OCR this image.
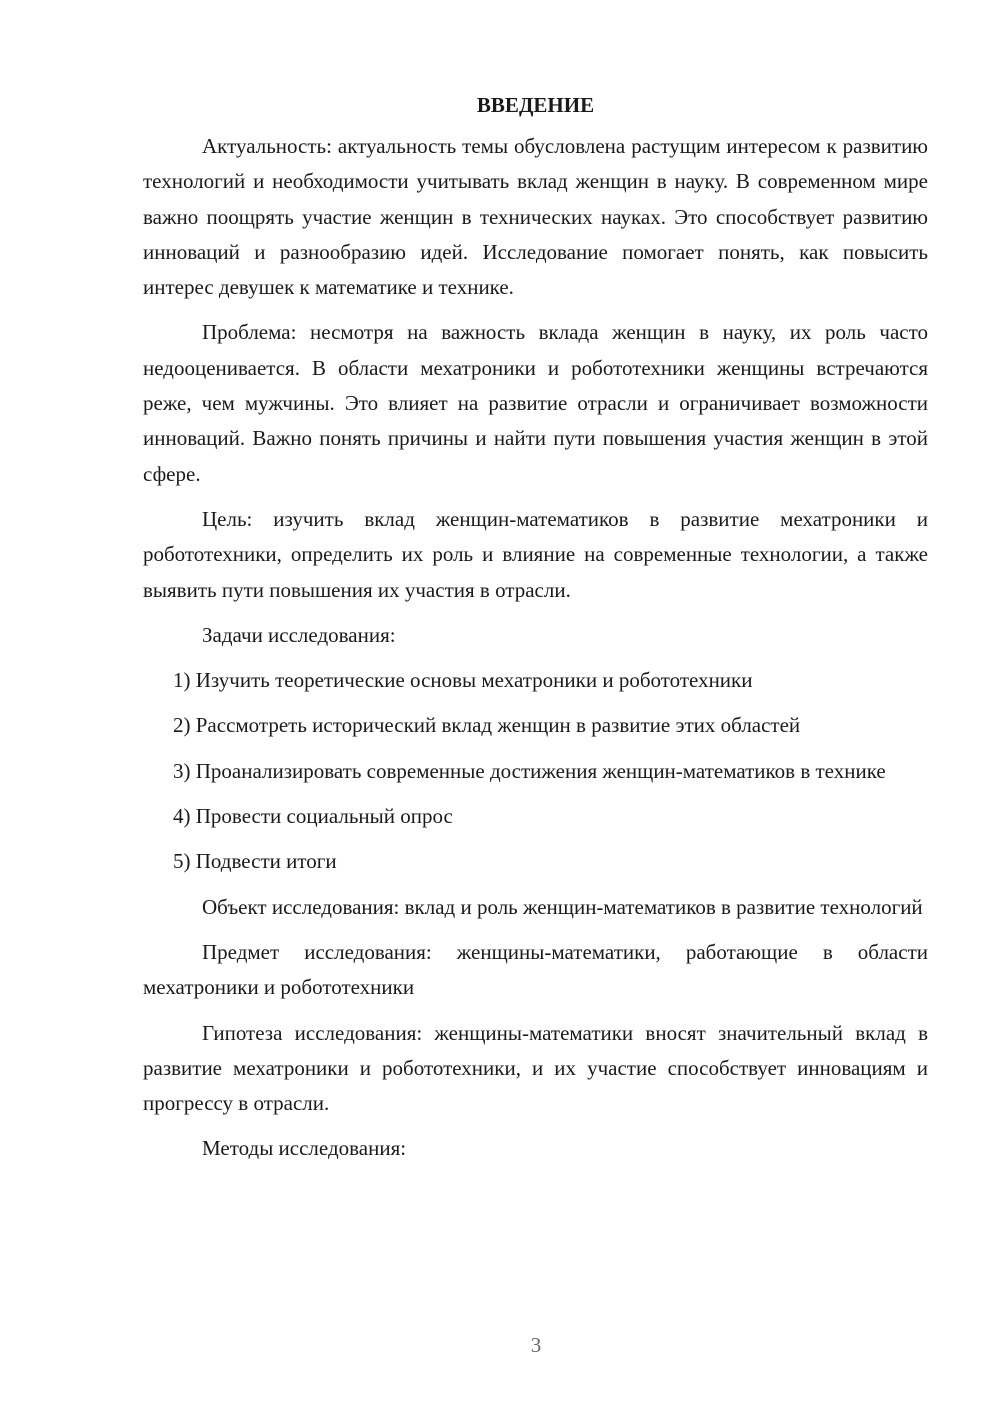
ВВЕДЕНИЕ

Актуальность: актуальность темы обусловлена растущим интересом к развитию технологий и необходимости учитывать вклад женщин в науку. В современном мире важно поощрять участие женщин в технических науках. Это способствует развитию инноваций и разнообразию идей. Исследование помогает понять, как повысить интерес девушек к математике и технике.

Проблема: несмотря на важность вклада женщин в науку, их роль часто недооценивается. В области мехатроники и робототехники женщины встречаются реже, чем мужчины. Это влияет на развитие отрасли и ограничивает возможности инноваций. Важно понять причины и найти пути повышения участия женщин в этой сфере.

Цель: изучить вклад женщин-математиков в развитие мехатроники и робототехники, определить их роль и влияние на современные технологии, а также выявить пути повышения их участия в отрасли.

Задачи исследования:

1) Изучить теоретические основы мехатроники и робототехники

2) Рассмотреть исторический вклад женщин в развитие этих областей

3) Проанализировать современные достижения женщин-математиков в технике

4) Провести социальный опрос

5) Подвести итоги

Объект исследования: вклад и роль женщин-математиков в развитие технологий

Предмет исследования: женщины-математики, работающие в области мехатроники и робототехники

Гипотеза исследования: женщины-математики вносят значительный вклад в развитие мехатроники и робототехники, и их участие способствует инновациям и прогрессу в отрасли.

Методы исследования:

3
